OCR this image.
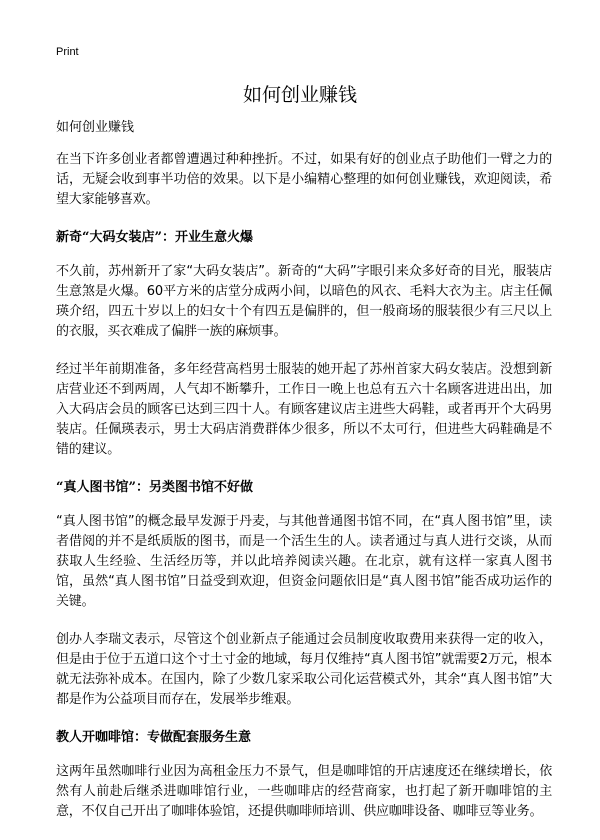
Print
如何创业赚钱
如何创业赚钱

在当下许多创业者都曾遭遇过种种挫折。不过，如果有好的创业点子助他们一臂之力的话，无疑会收到事半功倍的效果。以下是小编精心整理的如何创业赚钱，欢迎阅读，希望大家能够喜欢。

新奇“大码女装店”：开业生意火爆

不久前，苏州新开了家“大码女装店”。新奇的“大码”字眼引来众多好奇的目光，服装店生意煞是火爆。60平方米的店堂分成两小间，以暗色的风衣、毛料大衣为主。店主任佩瑛介绍，四五十岁以上的妇女十个有四五是偏胖的，但一般商场的服装很少有三尺以上的衣服，买衣难成了偏胖一族的麻烦事。

经过半年前期准备，多年经营高档男士服装的她开起了苏州首家大码女装店。没想到新店营业还不到两周，人气却不断攀升，工作日一晚上也总有五六十名顾客进进出出，加入大码店会员的顾客已达到三四十人。有顾客建议店主进些大码鞋，或者再开个大码男装店。任佩瑛表示，男士大码店消费群体少很多，所以不太可行，但进些大码鞋确是不错的建议。

“真人图书馆”：另类图书馆不好做

“真人图书馆”的概念最早发源于丹麦，与其他普通图书馆不同，在“真人图书馆”里，读者借阅的并不是纸质版的图书，而是一个活生生的人。读者通过与真人进行交谈，从而获取人生经验、生活经历等，并以此培养阅读兴趣。在北京，就有这样一家真人图书馆，虽然“真人图书馆”日益受到欢迎，但资金问题依旧是“真人图书馆”能否成功运作的关键。

创办人李瑞文表示，尽管这个创业新点子能通过会员制度收取费用来获得一定的收入，但是由于位于五道口这个寸土寸金的地域，每月仅维持“真人图书馆”就需要2万元，根本就无法弥补成本。在国内，除了少数几家采取公司化运营模式外，其余“真人图书馆”大都是作为公益项目而存在，发展举步维艰。

教人开咖啡馆：专做配套服务生意

这两年虽然咖啡行业因为高租金压力不景气，但是咖啡馆的开店速度还在继续增长，依然有人前赴后继杀进咖啡馆行业，一些咖啡店的经营商家，也打起了新开咖啡馆的主意，不仅自己开出了咖啡体验馆，还提供咖啡师培训、供应咖啡设备、咖啡豆等业务。
